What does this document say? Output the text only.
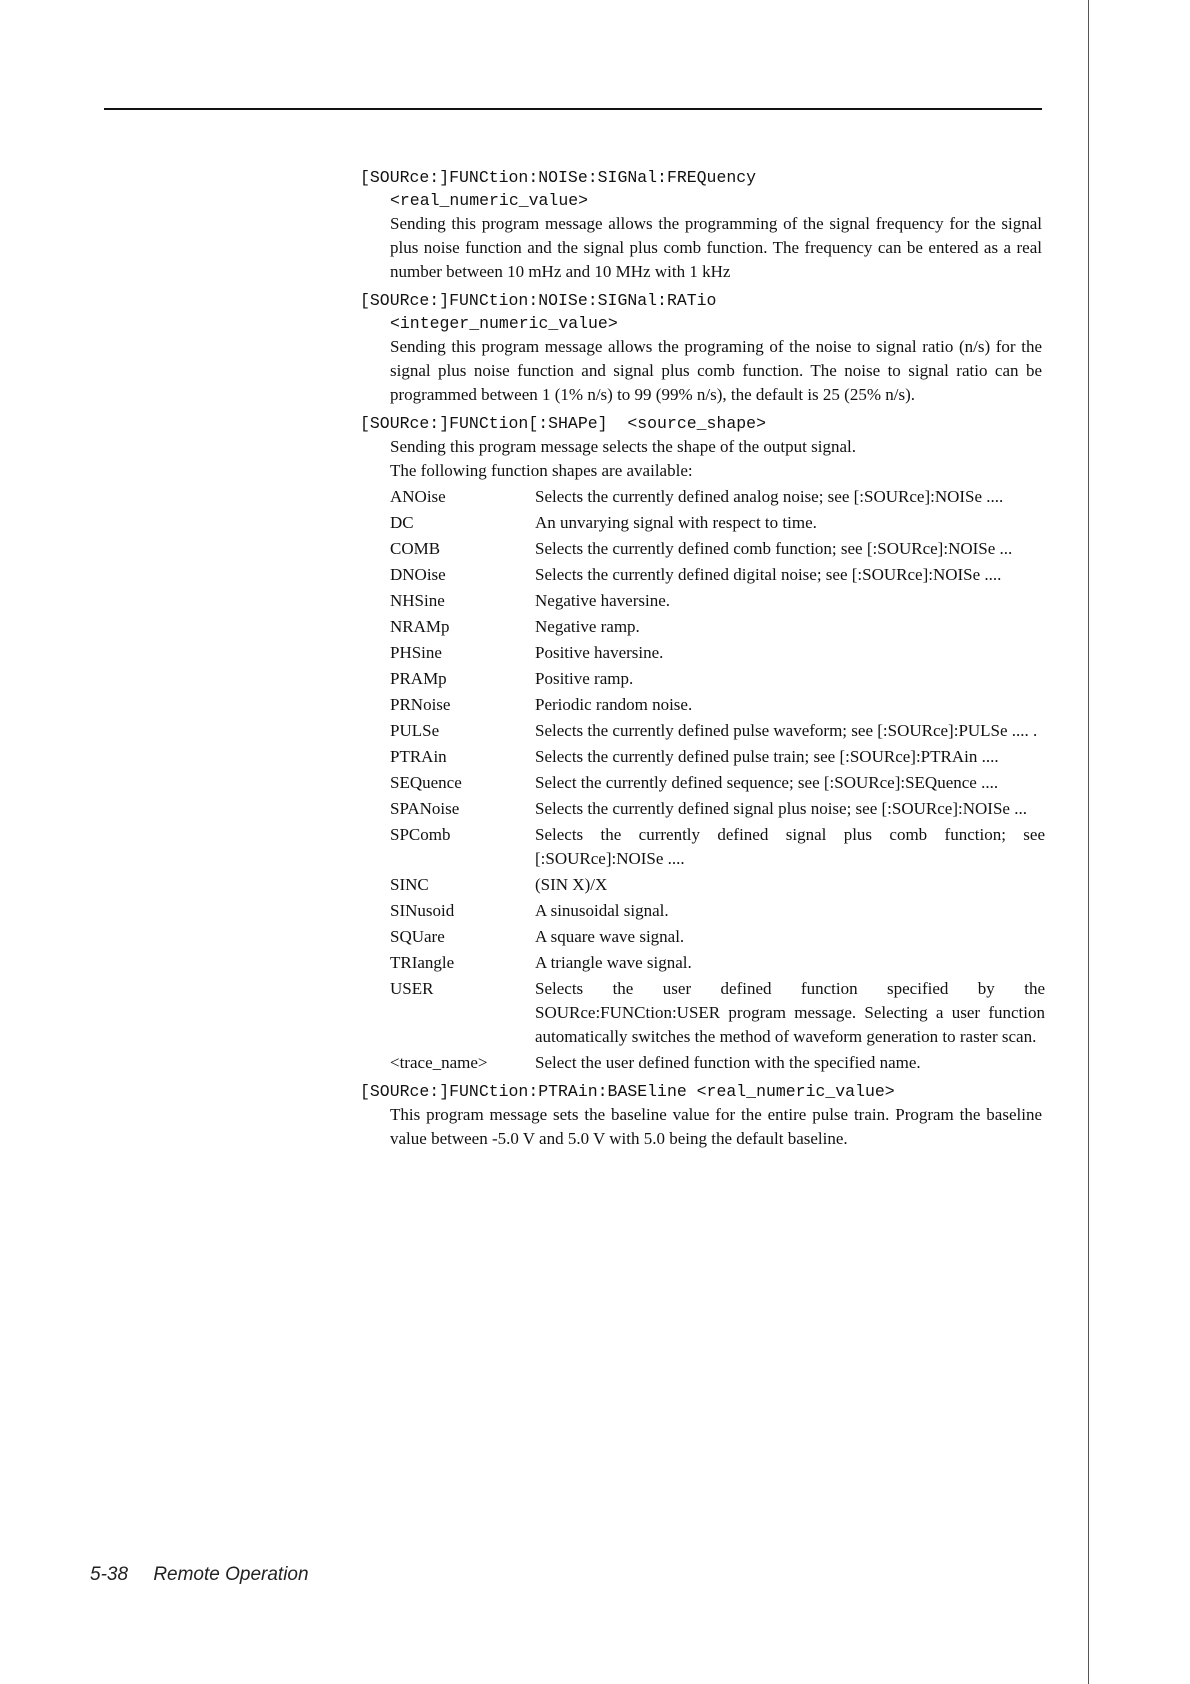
[SOURce:]FUNCtion:NOISe:SIGNal:FREQuency
<real_numeric_value>
Sending this program message allows the programming of the signal frequency for the signal plus noise function and the signal plus comb function. The frequency can be entered as a real number between 10 mHz and 10 MHz with 1 kHz
[SOURce:]FUNCtion:NOISe:SIGNal:RATio
<integer_numeric_value>
Sending this program message allows the programing of the noise to signal ratio (n/s) for the signal plus noise function and signal plus comb function. The noise to signal ratio can be programmed between 1 (1% n/s) to 99 (99% n/s), the default is 25 (25% n/s).
[SOURce:]FUNCtion[:SHAPe]  <source_shape>
Sending this program message selects the shape of the output signal.
The following function shapes are available:
ANOise	Selects the currently defined analog noise; see [:SOURce]:NOISe ....
DC	An unvarying signal with respect to time.
COMB	Selects the currently defined comb function; see [:SOURce]:NOISe ...
DNOise	Selects the currently defined digital noise; see [:SOURce]:NOISe ....
NHSine	Negative haversine.
NRAMp	Negative ramp.
PHSine	Positive haversine.
PRAMp	Positive ramp.
PRNoise	Periodic random noise.
PULSe	Selects the currently defined pulse waveform; see [:SOURce]:PULSe .... .
PTRAin	Selects the currently defined pulse train; see [:SOURce]:PTRAin ....
SEQuence	Select the currently defined sequence; see [:SOURce]:SEQuence ....
SPANoise	Selects the currently defined signal plus noise; see [:SOURce]:NOISe ...
SPComb	Selects the currently defined signal plus comb function; see [:SOURce]:NOISe ....
SINC	(SIN X)/X
SINusoid	A sinusoidal signal.
SQUare	A square wave signal.
TRIangle	A triangle wave signal.
USER	Selects the user defined function specified by the SOURce:FUNCtion:USER program message. Selecting a user function automatically switches the method of waveform generation to raster scan.
<trace_name>	Select the user defined function with the specified name.
[SOURce:]FUNCtion:PTRAin:BASEline <real_numeric_value>
This program message sets the baseline value for the entire pulse train. Program the baseline value between -5.0 V and 5.0 V with 5.0 being the default baseline.
5-38 Remote Operation
